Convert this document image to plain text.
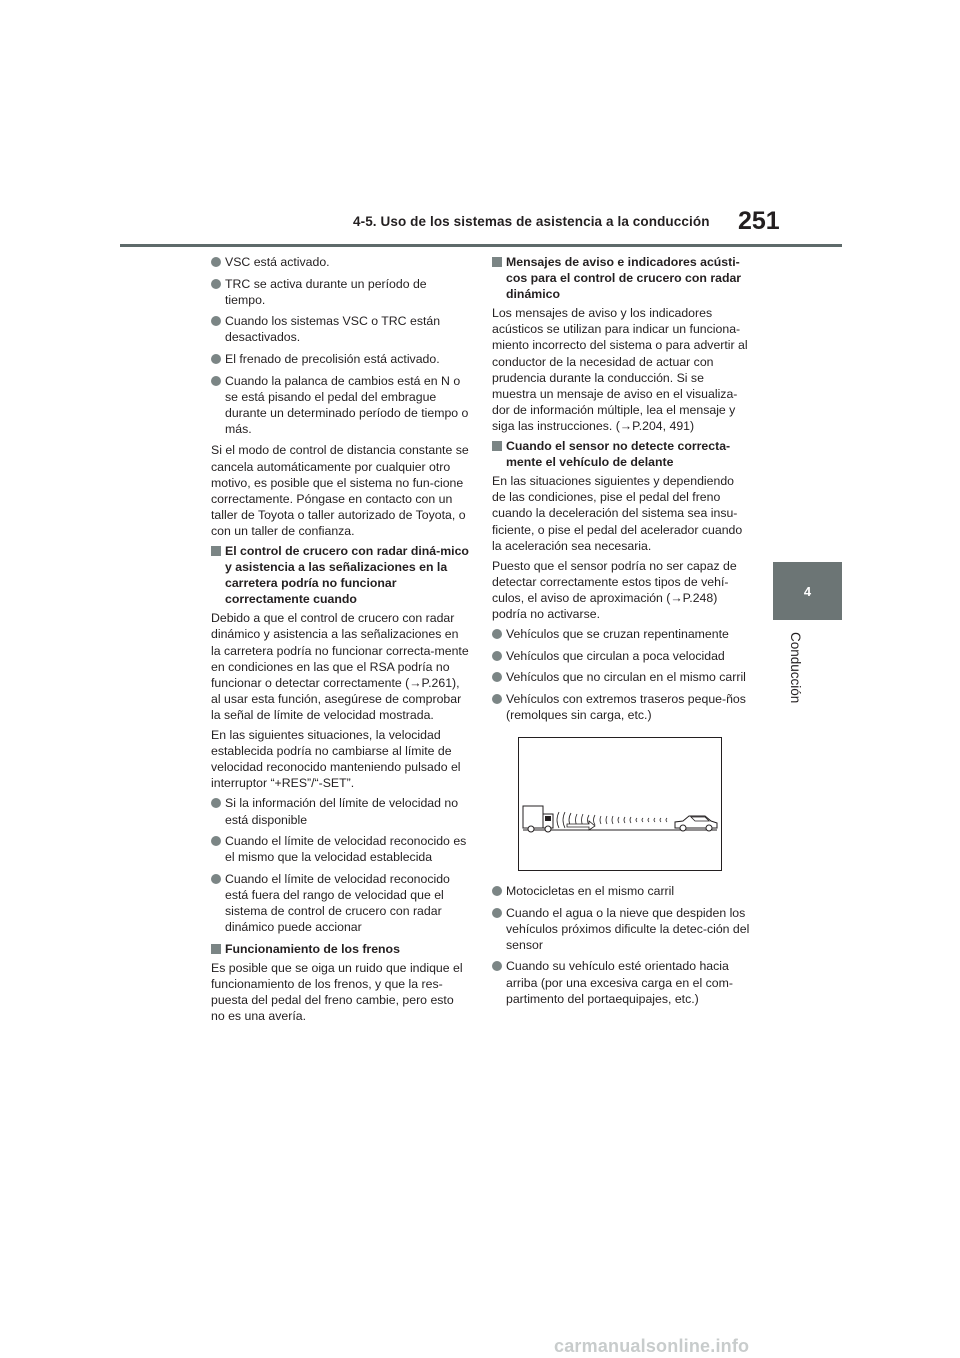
4-5. Uso de los sistemas de asistencia a la conducción 251
4
Conducción
VSC está activado.
TRC se activa durante un período de tiempo.
Cuando los sistemas VSC o TRC están desactivados.
El frenado de precolisión está activado.
Cuando la palanca de cambios está en N o se está pisando el pedal del embrague durante un determinado período de tiempo o más.

Si el modo de control de distancia constante se cancela automáticamente por cualquier otro motivo, es posible que el sistema no fun-cione correctamente. Póngase en contacto con un taller de Toyota o taller autorizado de Toyota, o con un taller de confianza.

El control de crucero con radar diná-mico y asistencia a las señalizaciones en la carretera podría no funcionar correctamente cuando

Debido a que el control de crucero con radar dinámico y asistencia a las señalizaciones en la carretera podría no funcionar correcta-mente en condiciones en las que el RSA podría no funcionar o detectar correctamente (→P.261), al usar esta función, asegúrese de comprobar la señal de límite de velocidad mostrada.

En las siguientes situaciones, la velocidad establecida podría no cambiarse al límite de velocidad reconocido manteniendo pulsado el interruptor “+RES”/“-SET”.

Si la información del límite de velocidad no está disponible
Cuando el límite de velocidad reconocido es el mismo que la velocidad establecida
Cuando el límite de velocidad reconocido está fuera del rango de velocidad que el sistema de control de crucero con radar dinámico puede accionar
Funcionamiento de los frenos

Es posible que se oiga un ruido que indique el funcionamiento de los frenos, y que la res-puesta del pedal del freno cambie, pero esto no es una avería.

Mensajes de aviso e indicadores acústi-cos para el control de crucero con radar dinámico

Los mensajes de aviso y los indicadores acústicos se utilizan para indicar un funciona-miento incorrecto del sistema o para advertir al conductor de la necesidad de actuar con prudencia durante la conducción. Si se muestra un mensaje de aviso en el visualiza-dor de información múltiple, lea el mensaje y siga las instrucciones. (→P.204, 491)

Cuando el sensor no detecte correcta-mente el vehículo de delante

En las situaciones siguientes y dependiendo de las condiciones, pise el pedal del freno cuando la deceleración del sistema sea insu-ficiente, o pise el pedal del acelerador cuando la aceleración sea necesaria.

Puesto que el sensor podría no ser capaz de detectar correctamente estos tipos de vehí-culos, el aviso de aproximación (→P.248) podría no activarse.

Vehículos que se cruzan repentinamente
Vehículos que circulan a poca velocidad
Vehículos que no circulan en el mismo carril
Vehículos con extremos traseros peque-ños (remolques sin carga, etc.)
Motocicletas en el mismo carril
Cuando el agua o la nieve que despiden los vehículos próximos dificulte la detec-ción del sensor
Cuando su vehículo esté orientado hacia arriba (por una excesiva carga en el com-partimento del portaequipajes, etc.)
carmanualsonline.info
